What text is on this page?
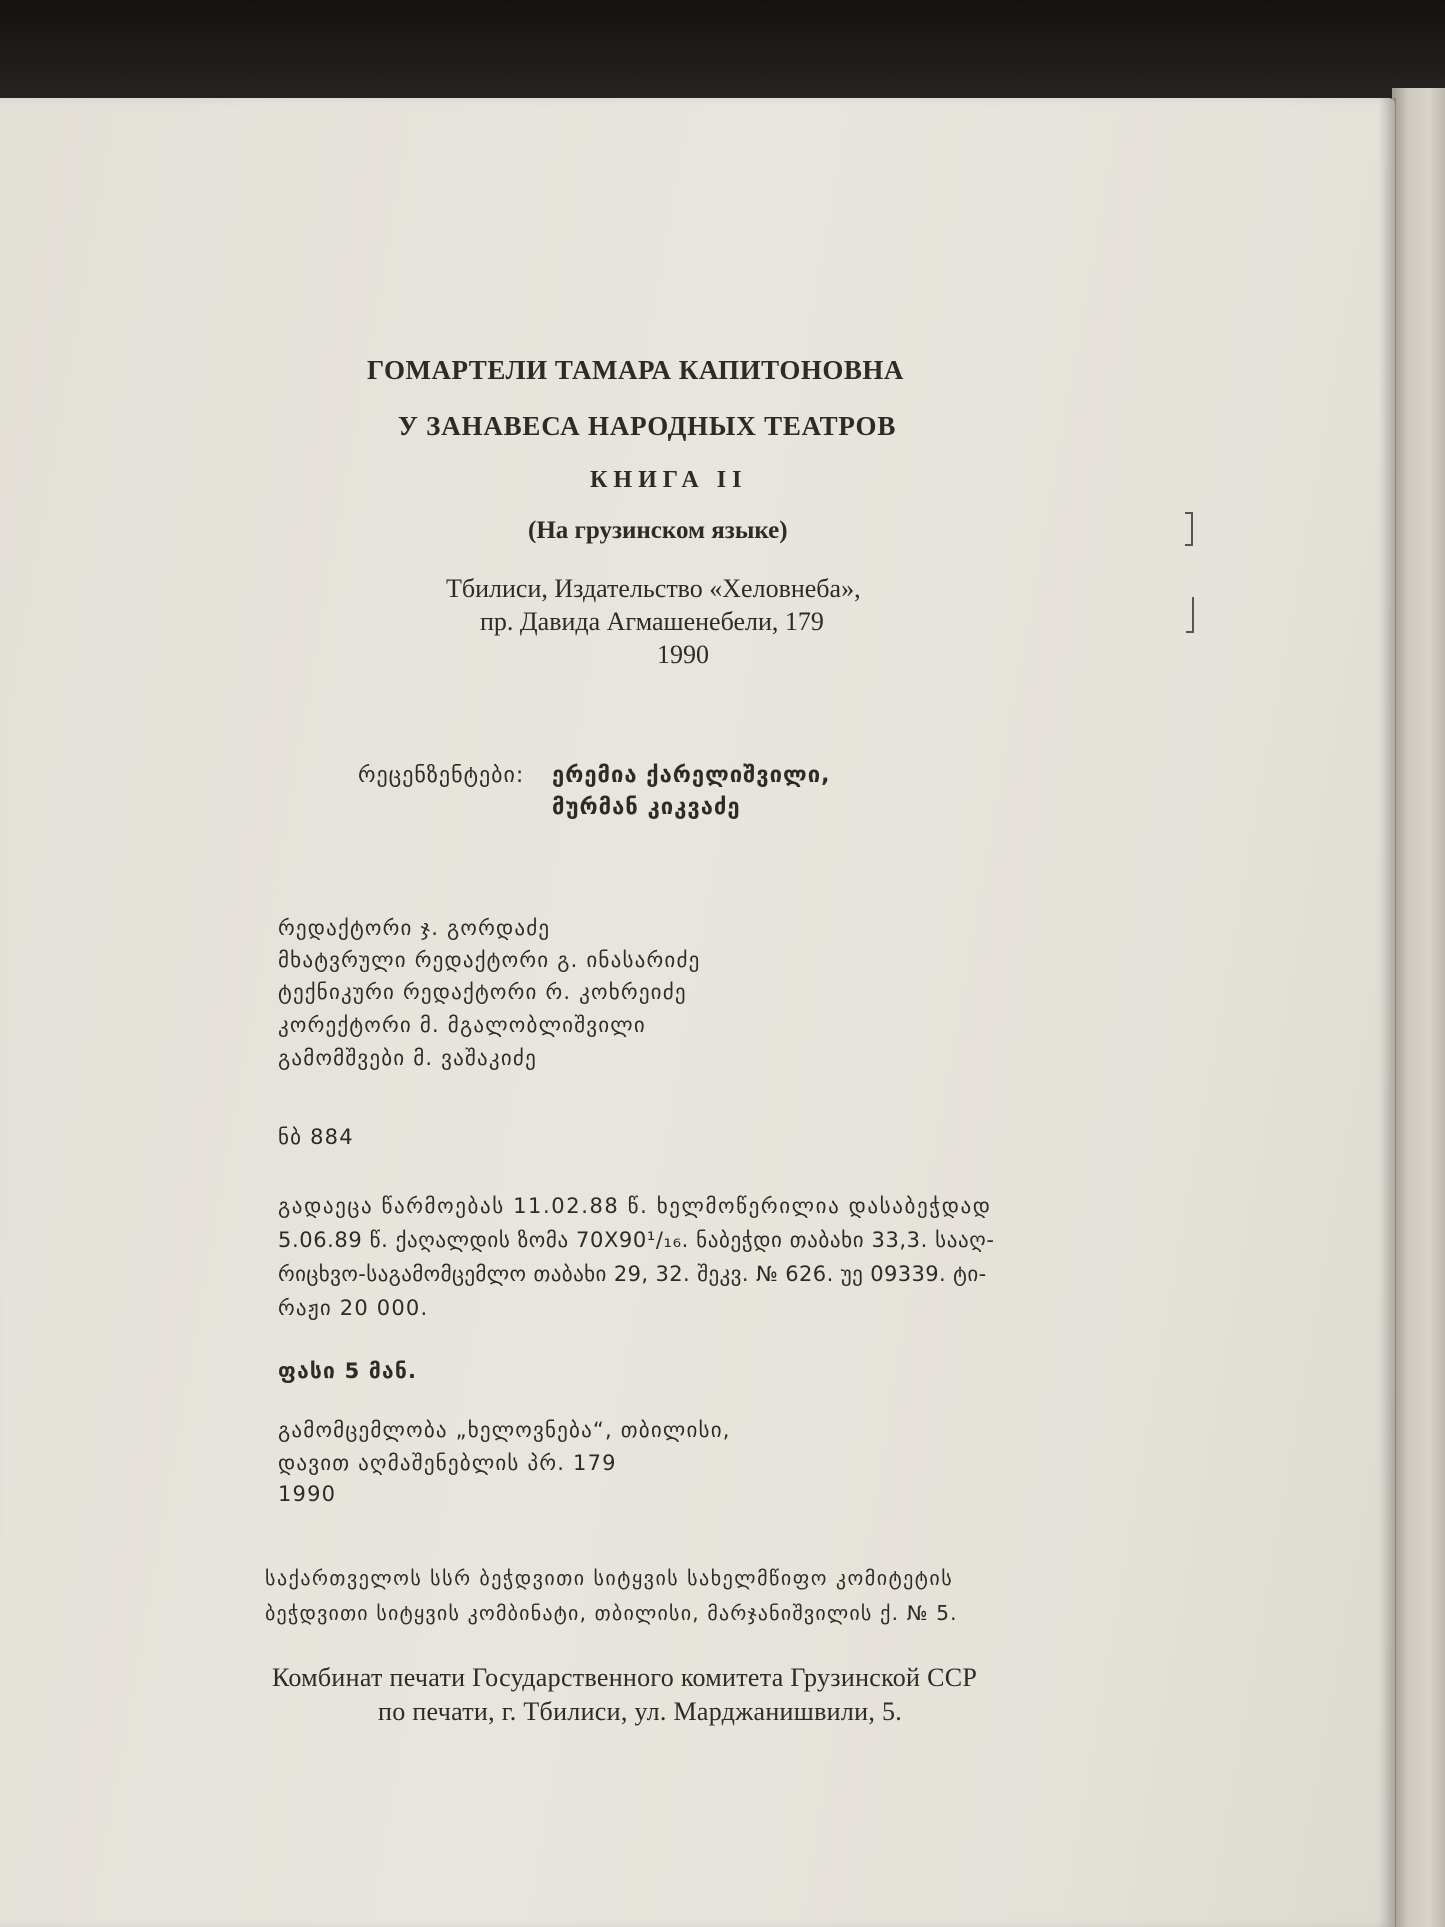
ГОМАРТЕЛИ ТАМАРА КАПИТОНОВНА
У ЗАНАВЕСА НАРОДНЫХ ТЕАТРОВ
КНИГА II
(На грузинском языке)
Тбилиси, Издательство «Хеловнеба»,
пр. Давида Агмашенебели, 179
1990
რეცენზენტები: ერემია ქარელიშვილი,
მურმან კიკვაძე
რედაქტორი ჯ. გორდაძე
მხატვრული რედაქტორი გ. ინასარიძე
ტექნიკური რედაქტორი რ. კოხრეიძე
კორექტორი მ. მგალობლიშვილი
გამომშვები მ. ვაშაკიძე
ნბ 884
გადაეცა წარმოებას 11.02.88 წ. ხელმოწერილია დასაბეჭდად
5.06.89 წ. ქაღალდის ზომა 70X90¹/₁₆. ნაბეჭდი თაბახი 33,3. სააღ-
რიცხვო-საგამომცემლო თაბახი 29, 32. შეკვ. № 626. უე 09339. ტი-
რაჟი 20 000.
ფასი 5 მან.
გამომცემლობა „ხელოვნება“, თბილისი,
დავით აღმაშენებლის პრ. 179
1990
საქართველოს სსრ ბეჭდვითი სიტყვის სახელმწიფო კომიტეტის
ბეჭდვითი სიტყვის კომბინატი, თბილისი, მარჯანიშვილის ქ. № 5.
Комбинат печати Государственного комитета Грузинской ССР
по печати, г. Тбилиси, ул. Марджанишвили, 5.
